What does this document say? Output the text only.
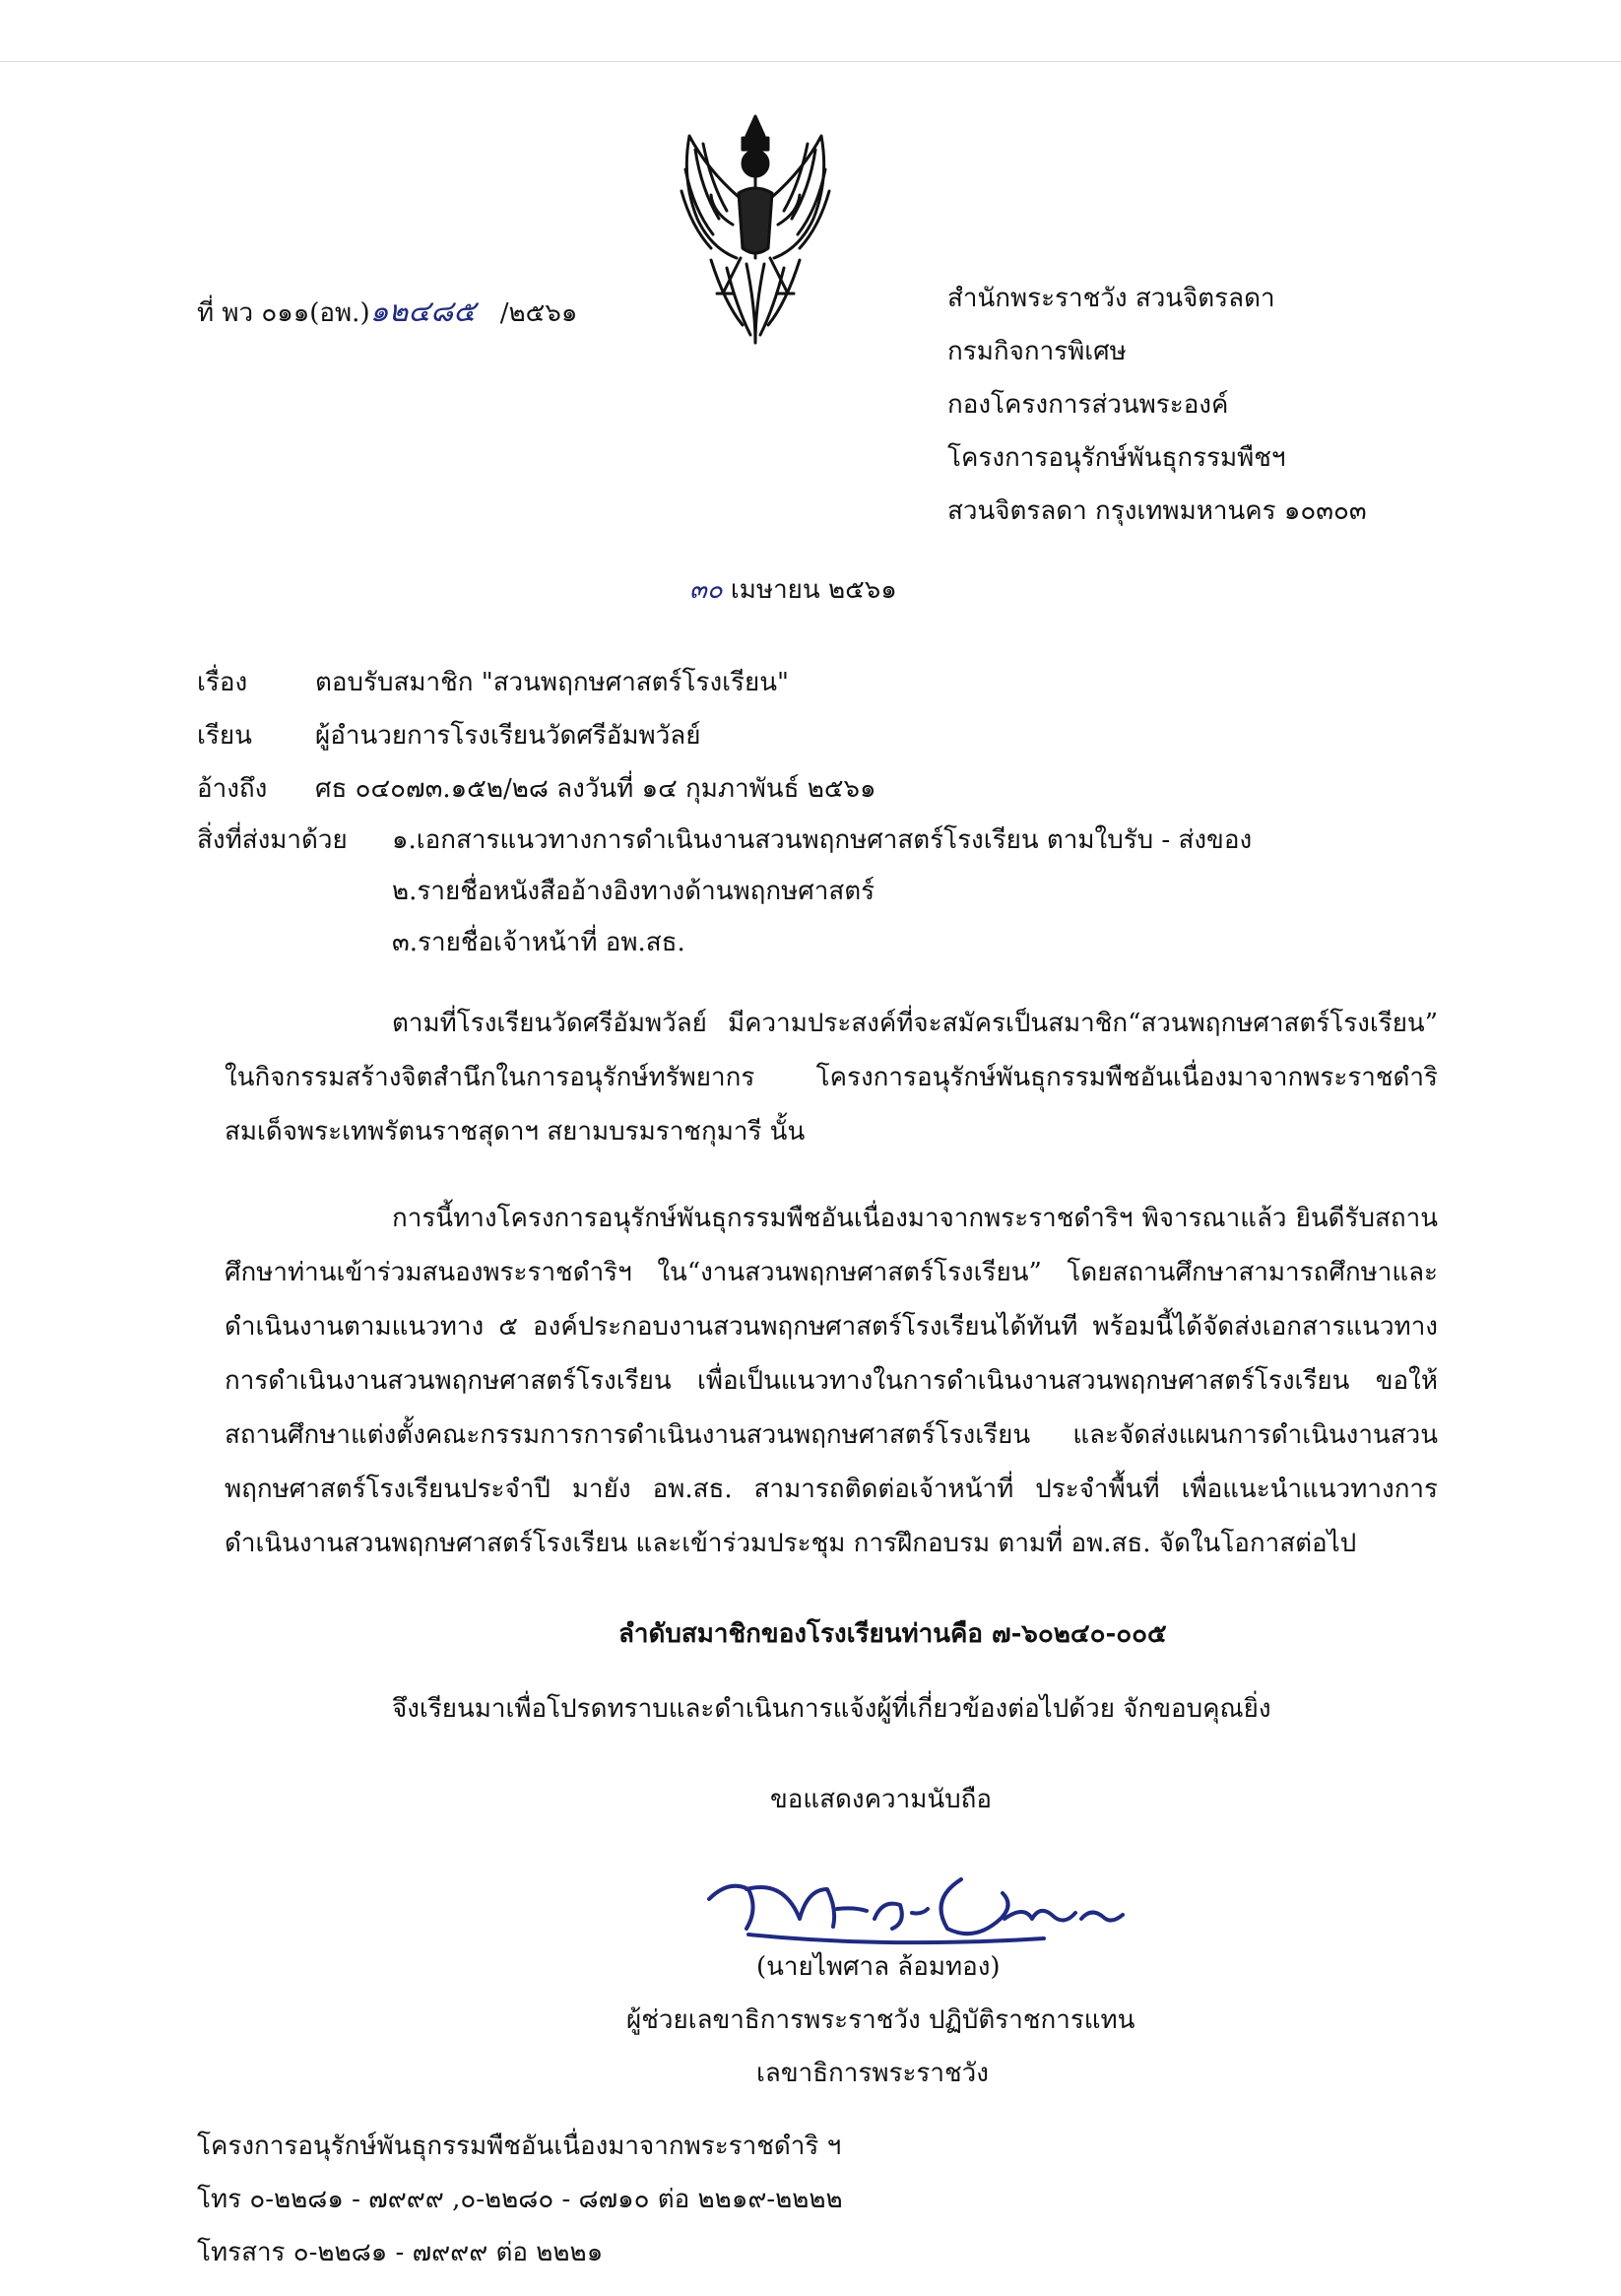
ที่ พว ๐๑๑(อพ.)๑๒๔๘๕ /๒๕๖๑	สำนักพระราชวัง สวนจิตรลดา
กรมกิจการพิเศษ
กองโครงการส่วนพระองค์
โครงการอนุรักษ์พันธุกรรมพืชฯ
สวนจิตรลดา กรุงเทพมหานคร ๑๐๓๐๓
๓๐ เมษายน ๒๕๖๑
เรื่อง	ตอบรับสมาชิก "สวนพฤกษศาสตร์โรงเรียน"
เรียน ผู้อำนวยการโรงเรียนวัดศรีอัมพวัลย์
อ้างถึง ศธ ๐๔๐๗๓.๑๕๒/๒๘ ลงวันที่ ๑๔ กุมภาพันธ์ ๒๕๖๑
สิ่งที่ส่งมาด้วย ๑.เอกสารแนวทางการดำเนินงานสวนพฤกษศาสตร์โรงเรียน ตามใบรับ - ส่งของ
๒.รายชื่อหนังสืออ้างอิงทางด้านพฤกษศาสตร์
๓.รายชื่อเจ้าหน้าที่ อพ.สธ.
ตามที่โรงเรียนวัดศรีอัมพวัลย์ มีความประสงค์ที่จะสมัครเป็นสมาชิก“สวนพฤกษศาสตร์โรงเรียน” ในกิจกรรมสร้างจิตสำนึกในการอนุรักษ์ทรัพยากร โครงการอนุรักษ์พันธุกรรมพืชอันเนื่องมาจากพระราชดำริ สมเด็จพระเทพรัตนราชสุดาฯ สยามบรมราชกุมารี นั้น
การนี้ทางโครงการอนุรักษ์พันธุกรรมพืชอันเนื่องมาจากพระราชดำริฯ พิจารณาแล้ว ยินดีรับสถานศึกษาท่านเข้าร่วมสนองพระราชดำริฯ ใน“งานสวนพฤกษศาสตร์โรงเรียน” โดยสถานศึกษาสามารถศึกษาและดำเนินงานตามแนวทาง ๕ องค์ประกอบงานสวนพฤกษศาสตร์โรงเรียนได้ทันที พร้อมนี้ได้จัดส่งเอกสารแนวทางการดำเนินงานสวนพฤกษศาสตร์โรงเรียน เพื่อเป็นแนวทางในการดำเนินงานสวนพฤกษศาสตร์โรงเรียน ขอให้สถานศึกษาแต่งตั้งคณะกรรมการการดำเนินงานสวนพฤกษศาสตร์โรงเรียน และจัดส่งแผนการดำเนินงานสวนพฤกษศาสตร์โรงเรียนประจำปี มายัง อพ.สธ. สามารถติดต่อเจ้าหน้าที่ ประจำพื้นที่ เพื่อแนะนำแนวทางการดำเนินงานสวนพฤกษศาสตร์โรงเรียน และเข้าร่วมประชุม การฝึกอบรม ตามที่ อพ.สธ. จัดในโอกาสต่อไป
ลำดับสมาชิกของโรงเรียนท่านคือ ๗-๖๐๒๔๐-๐๐๕
จึงเรียนมาเพื่อโปรดทราบและดำเนินการแจ้งผู้ที่เกี่ยวข้องต่อไปด้วย จักขอบคุณยิ่ง
ขอแสดงความนับถือ
(นายไพศาล ล้อมทอง)
ผู้ช่วยเลขาธิการพระราชวัง ปฏิบัติราชการแทน
เลขาธิการพระราชวัง
โครงการอนุรักษ์พันธุกรรมพืชอันเนื่องมาจากพระราชดำริ ฯ
โทร ๐-๒๒๘๑ - ๗๙๙๙ ,๐-๒๒๘๐ - ๘๗๑๐ ต่อ ๒๒๑๙-๒๒๒๒
โทรสาร ๐-๒๒๘๑ - ๗๙๙๙ ต่อ ๒๒๒๑
